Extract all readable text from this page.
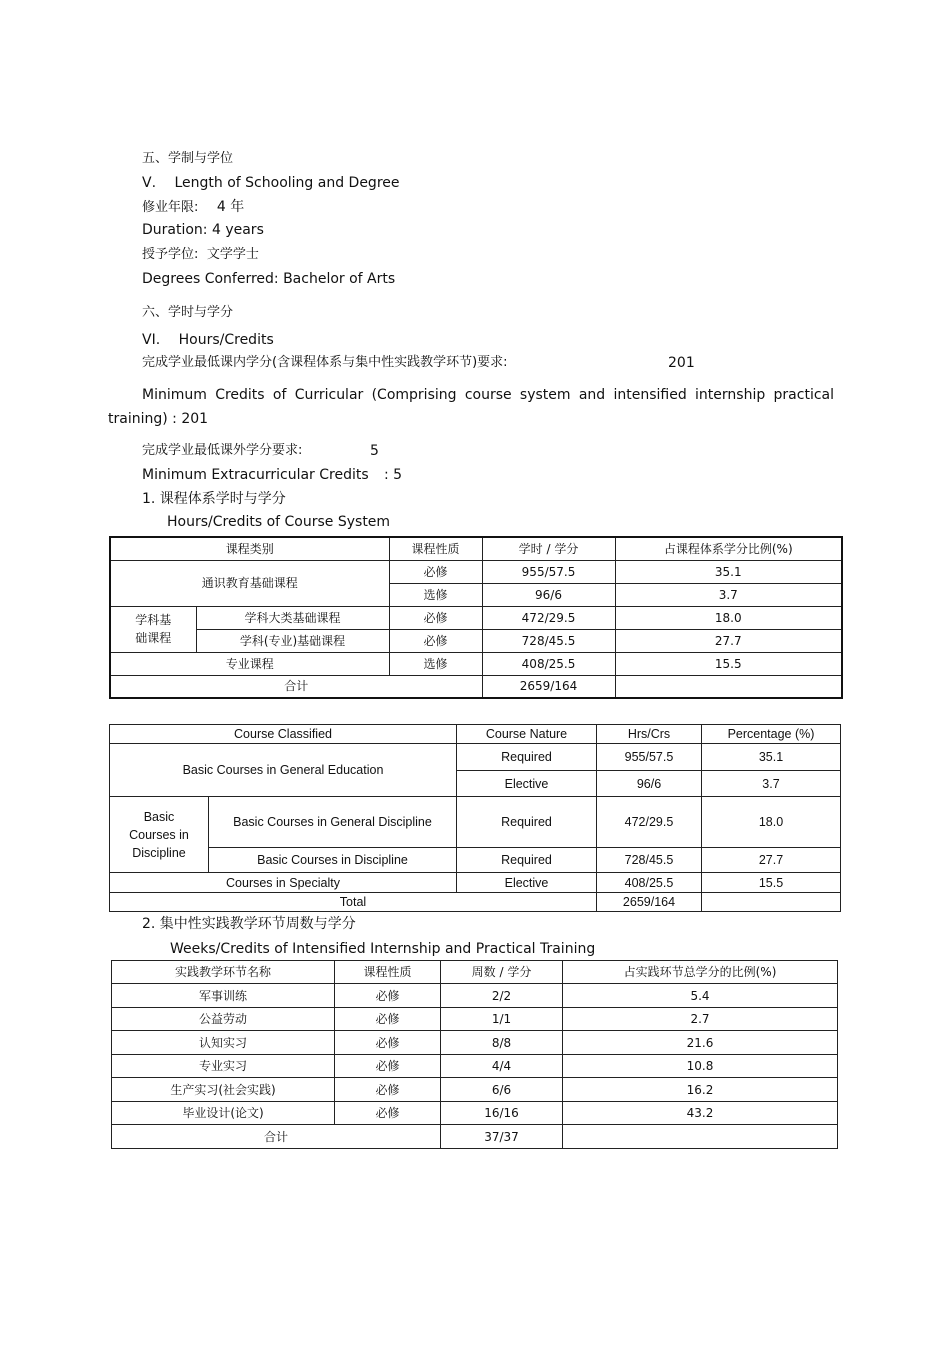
五、学制与学位
Ⅴ. Length of Schooling and Degree
修业年限: 4 年
Duration: 4 years
授予学位: 文学学士
Degrees Conferred: Bachelor of Arts
六、学时与学分
VI. Hours/Credits
完成学业最低课内学分(含课程体系与集中性实践教学环节)要求:	201
Minimum Credits of Curricular (Comprising course system and intensified internship practical
training) : 201
完成学业最低课外学分要求:	5
Minimum Extracurricular Credits : 5
1. 课程体系学时与学分
Hours/Credits of Course System
课程类别		课程性质	学时 / 学分	占课程体系学分比例(%)
通识教育基础课程		必修	955/57.5	35.1
		选修	96/6	3.7

学科基
础课程	学科大类基础课程	必修	472/29.5	18.0
	学科(专业)基础课程	必修	728/45.5	27.7
专业课程		选修	408/25.5	15.5
合计			2659/164	
Course Classified		Course Nature	Hrs/Crs	Percentage (%)
Basic Courses in General Education		Required	955/57.5	35.1
		Elective	96/6	3.7

Basic
Courses in
Discipline	Basic Courses in General Discipline	Required	472/29.5	18.0
	Basic Courses in Discipline	Required	728/45.5	27.7
Courses in Specialty		Elective	408/25.5	15.5
Total			2659/164	
2. 集中性实践教学环节周数与学分
Weeks/Credits of Intensified Internship and Practical Training
实践教学环节名称	课程性质	周数 / 学分	占实践环节总学分的比例(%)
军事训练	必修	2/2	5.4
公益劳动	必修	1/1	2.7
认知实习	必修	8/8	21.6
专业实习	必修	4/4	10.8
生产实习(社会实践)	必修	6/6	16.2
毕业设计(论文)	必修	16/16	43.2
合计		37/37	
